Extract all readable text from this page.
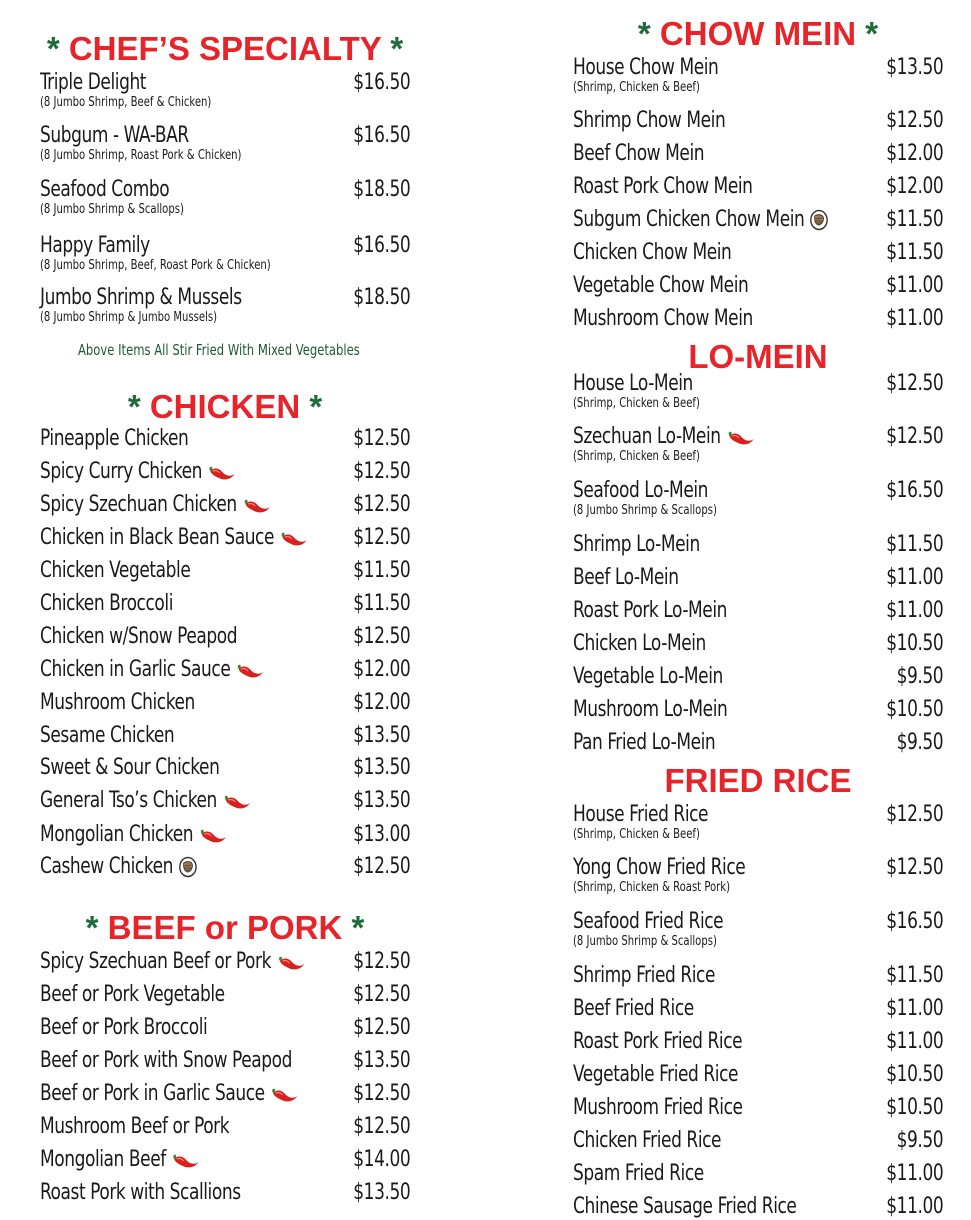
* CHEF’S SPECIALTY *
Triple Delight	$16.50
(8 Jumbo Shrimp, Beef & Chicken)
Subgum - WA-BAR	$16.50
(8 Jumbo Shrimp, Roast Pork & Chicken)
Seafood Combo	$18.50
(8 Jumbo Shrimp & Scallops)
Happy Family	$16.50
(8 Jumbo Shrimp, Beef, Roast Pork & Chicken)
Jumbo Shrimp & Mussels	$18.50
(8 Jumbo Shrimp & Jumbo Mussels)
Above Items All Stir Fried With Mixed Vegetables
* CHICKEN *
Pineapple Chicken	$12.50
Spicy Curry Chicken	$12.50
Spicy Szechuan Chicken	$12.50
Chicken in Black Bean Sauce	$12.50
Chicken Vegetable	$11.50
Chicken Broccoli	$11.50
Chicken w/Snow Peapod	$12.50
Chicken in Garlic Sauce	$12.00
Mushroom Chicken	$12.00
Sesame Chicken	$13.50
Sweet & Sour Chicken	$13.50
General Tso’s Chicken	$13.50
Mongolian Chicken	$13.00
Cashew Chicken	$12.50
* BEEF or PORK *
Spicy Szechuan Beef or Pork	$12.50
Beef or Pork Vegetable	$12.50
Beef or Pork Broccoli	$12.50
Beef or Pork with Snow Peapod	$13.50
Beef or Pork in Garlic Sauce	$12.50
Mushroom Beef or Pork	$12.50
Mongolian Beef	$14.00
Roast Pork with Scallions	$13.50
* CHOW MEIN *
House Chow Mein	$13.50
(Shrimp, Chicken & Beef)
Shrimp Chow Mein	$12.50
Beef Chow Mein	$12.00
Roast Pork Chow Mein	$12.00
Subgum Chicken Chow Mein	$11.50
Chicken Chow Mein	$11.50
Vegetable Chow Mein	$11.00
Mushroom Chow Mein	$11.00
LO-MEIN
House Lo-Mein	$12.50
(Shrimp, Chicken & Beef)
Szechuan Lo-Mein	$12.50
(Shrimp, Chicken & Beef)
Seafood Lo-Mein	$16.50
(8 Jumbo Shrimp & Scallops)
Shrimp Lo-Mein	$11.50
Beef Lo-Mein	$11.00
Roast Pork Lo-Mein	$11.00
Chicken Lo-Mein	$10.50
Vegetable Lo-Mein	$9.50
Mushroom Lo-Mein	$10.50
Pan Fried Lo-Mein	$9.50
FRIED RICE
House Fried Rice	$12.50
(Shrimp, Chicken & Beef)
Yong Chow Fried Rice	$12.50
(Shrimp, Chicken & Roast Pork)
Seafood Fried Rice	$16.50
(8 Jumbo Shrimp & Scallops)
Shrimp Fried Rice	$11.50
Beef Fried Rice	$11.00
Roast Pork Fried Rice	$11.00
Vegetable Fried Rice	$10.50
Mushroom Fried Rice	$10.50
Chicken Fried Rice	$9.50
Spam Fried Rice	$11.00
Chinese Sausage Fried Rice	$11.00
